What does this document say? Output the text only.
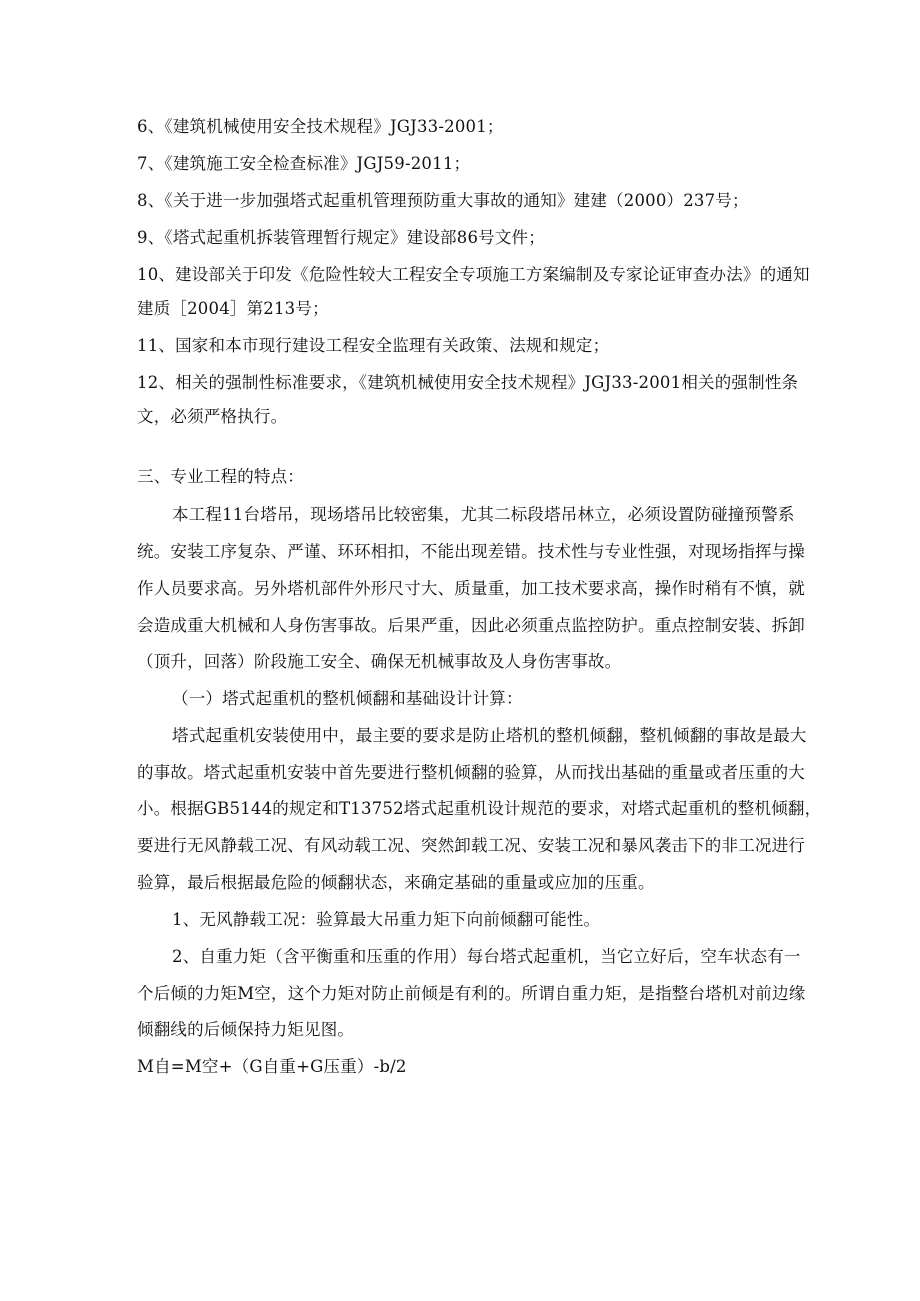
6、《建筑机械使用安全技术规程》JGJ33-2001；
7、《建筑施工安全检查标准》JGJ59-2011；
8、《关于进一步加强塔式起重机管理预防重大事故的通知》建建（2000）237号；
9、《塔式起重机拆装管理暂行规定》建设部86号文件；
10、建设部关于印发《危险性较大工程安全专项施工方案编制及专家论证审查办法》的通知
建质［2004］第213号；
11、国家和本市现行建设工程安全监理有关政策、法规和规定；
12、相关的强制性标准要求，《建筑机械使用安全技术规程》JGJ33-2001相关的强制性条
文，必须严格执行。
三、专业工程的特点：
本工程11台塔吊，现场塔吊比较密集，尤其二标段塔吊林立，必须设置防碰撞预警系
统。安装工序复杂、严谨、环环相扣，不能出现差错。技术性与专业性强，对现场指挥与操
作人员要求高。另外塔机部件外形尺寸大、质量重，加工技术要求高，操作时稍有不慎，就
会造成重大机械和人身伤害事故。后果严重，因此必须重点监控防护。重点控制安装、拆卸
（顶升，回落）阶段施工安全、确保无机械事故及人身伤害事故。
（一）塔式起重机的整机倾翻和基础设计计算：
塔式起重机安装使用中，最主要的要求是防止塔机的整机倾翻，整机倾翻的事故是最大
的事故。塔式起重机安装中首先要进行整机倾翻的验算，从而找出基础的重量或者压重的大
小。根据GB5144的规定和T13752塔式起重机设计规范的要求，对塔式起重机的整机倾翻，
要进行无风静载工况、有风动载工况、突然卸载工况、安装工况和暴风袭击下的非工况进行
验算，最后根据最危险的倾翻状态，来确定基础的重量或应加的压重。
1、无风静载工况：验算最大吊重力矩下向前倾翻可能性。
2、自重力矩（含平衡重和压重的作用）每台塔式起重机，当它立好后，空车状态有一
个后倾的力矩M空，这个力矩对防止前倾是有利的。所谓自重力矩，是指整台塔机对前边缘
倾翻线的后倾保持力矩见图。
M自=M空+（G自重+G压重）-b/2
